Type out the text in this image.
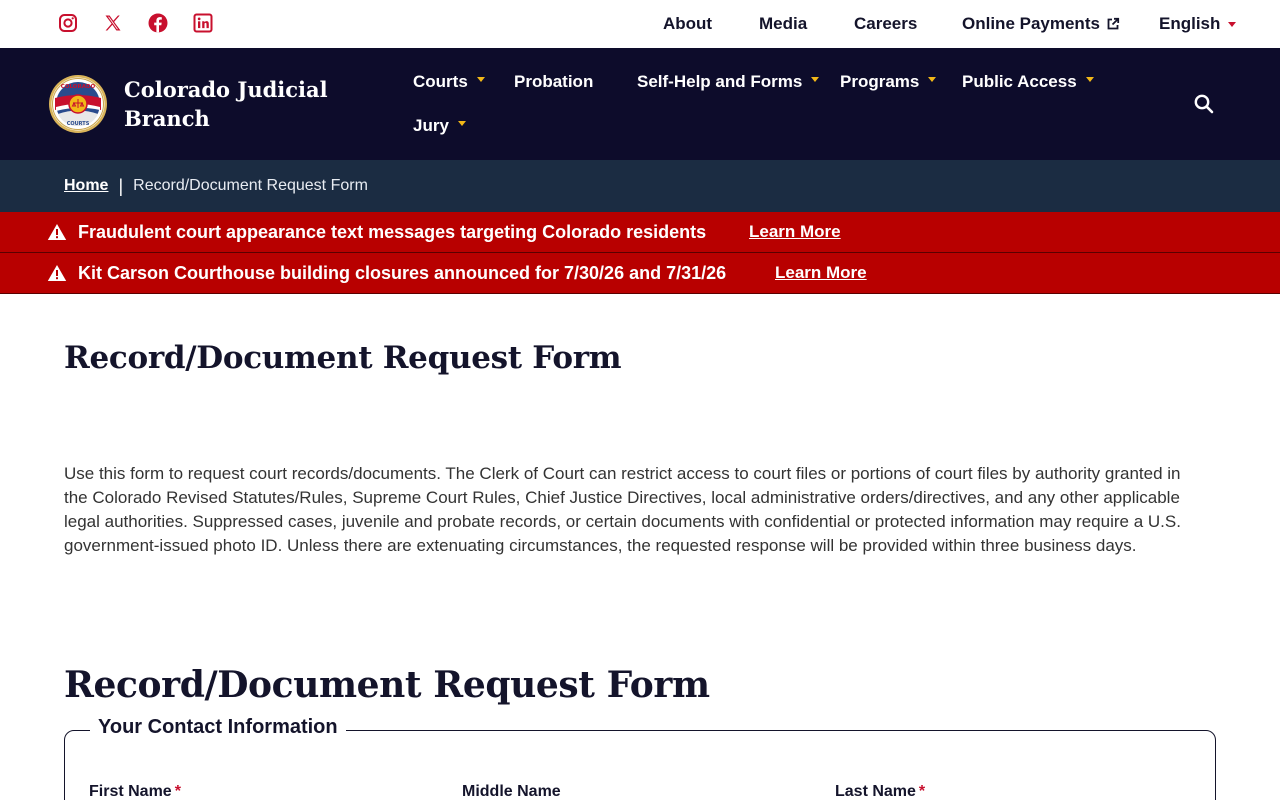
About	Media	Careers	Online Payments	English
COLORADO
COURTS
Colorado Judicial Branch
Courts	Probation	Self-Help and Forms Programs	Public Access
Jury
Home | Record/Document Request Form
Fraudulent court appearance text messages targeting Colorado residents	Learn More
Kit Carson Courthouse building closures announced for 7/30/26 and 7/31/26	Learn More
Record/Document Request Form

Use this form to request court records/documents. The Clerk of Court can restrict access to court files or portions of court files by authority granted in the Colorado Revised Statutes/Rules, Supreme Court Rules, Chief Justice Directives, local administrative orders/directives, and any other applicable legal authorities. Suppressed cases, juvenile and probate records, or certain documents with confidential or protected information may require a U.S. government-issued photo ID. Unless there are extenuating circumstances, the requested response will be provided within three business days.

Record/Document Request Form
Your Contact Information
First Name *	Middle Name	Last Name *
